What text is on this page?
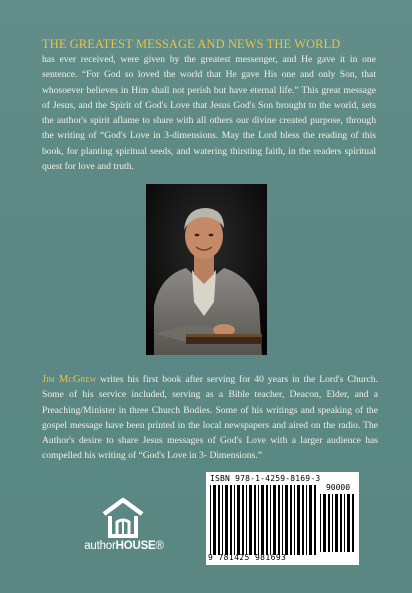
THE GREATEST MESSAGE AND NEWS THE WORLD
has ever received, were given by the greatest messenger, and He gave it in one sentence. “For God so loved the world that He gave His one and only Son, that whosoever believes in Him shall not perish but have eternal life.” This great message of Jesus, and the Spirit of God's Love that Jesus God's Son brought to the world, sets the author's spirit aflame to share with all others our divine created purpose, through the writing of “God's Love in 3-dimensions. May the Lord bless the reading of this book, for planting spiritual seeds, and watering thirsting faith, in the readers spiritual quest for love and truth.
Jim McGrew writes his first book after serving for 40 years in the Lord's Church. Some of his service included, serving as a Bible teacher, Deacon, Elder, and a Preaching/Minister in three Church Bodies. Some of his writings and speaking of the gospel message have been printed in the local newspapers and aired on the radio. The Author's desire to share Jesus messages of God's Love with a larger audience has compelled his writing of “God's Love in 3- Dimensions.”
authorHOUSE®
ISBN 978-1-4259-8169-3
90000
9 781425 981693
